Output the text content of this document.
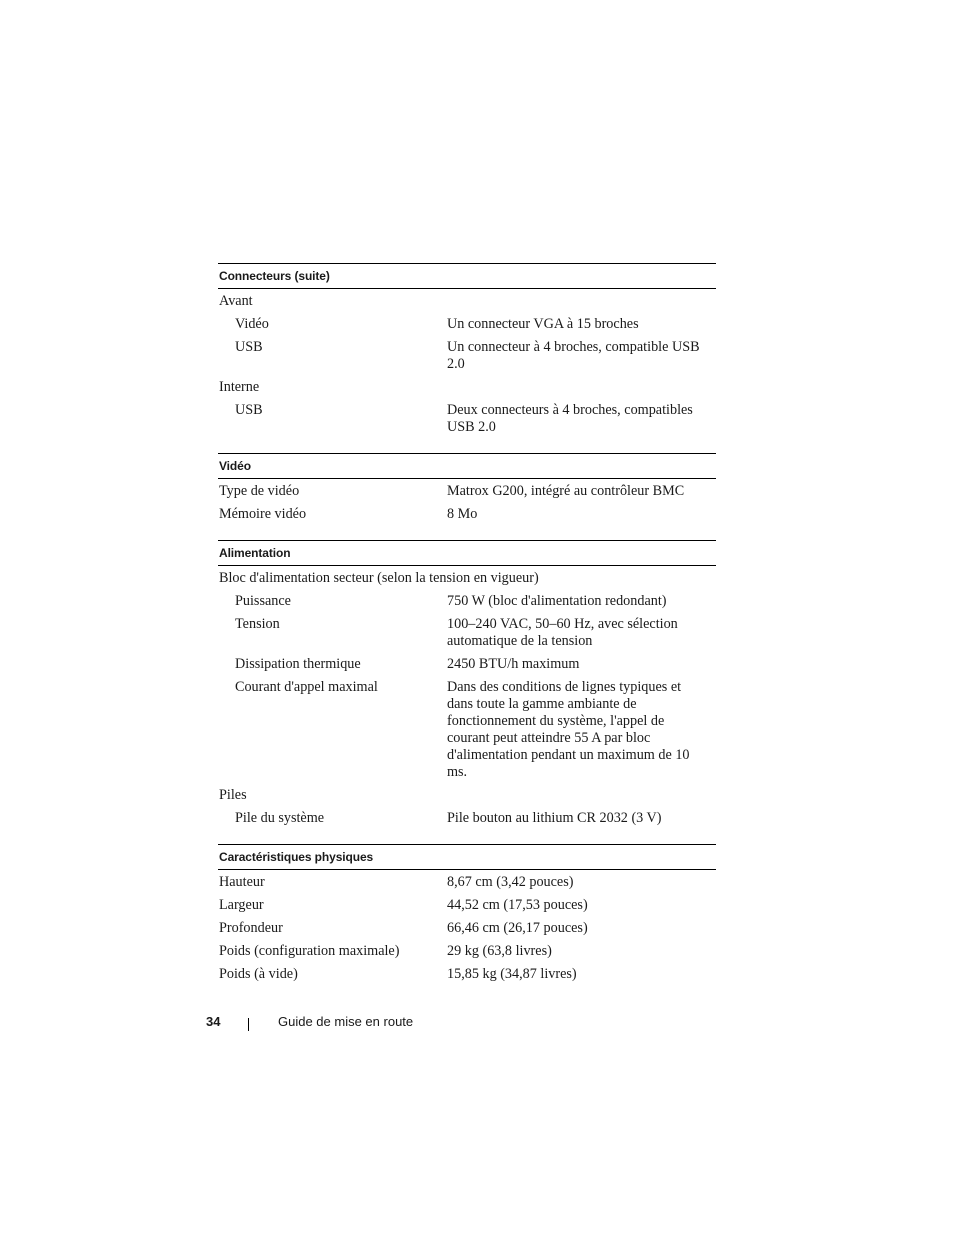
Connecteurs (suite)
Avant
Vidéo	Un connecteur VGA à 15 broches
USB	Un connecteur à 4 broches, compatible USB 2.0
Interne
USB	Deux connecteurs à 4 broches, compatibles USB 2.0
Vidéo
Type de vidéo	Matrox G200, intégré au contrôleur BMC
Mémoire vidéo	8 Mo
Alimentation
Bloc d'alimentation secteur (selon la tension en vigueur)
Puissance	750 W (bloc d'alimentation redondant)
Tension	100–240 VAC, 50–60 Hz, avec sélection automatique de la tension
Dissipation thermique	2450 BTU/h maximum
Courant d'appel maximal	Dans des conditions de lignes typiques et dans toute la gamme ambiante de fonctionnement du système, l'appel de courant peut atteindre 55 A par bloc d'alimentation pendant un maximum de 10 ms.
Piles
Pile du système	Pile bouton au lithium CR 2032 (3 V)
Caractéristiques physiques
Hauteur	8,67 cm (3,42 pouces)
Largeur	44,52 cm (17,53 pouces)
Profondeur	66,46 cm (26,17 pouces)
Poids (configuration maximale)	29 kg (63,8 livres)
Poids (à vide)	15,85 kg (34,87 livres)
34	Guide de mise en route
